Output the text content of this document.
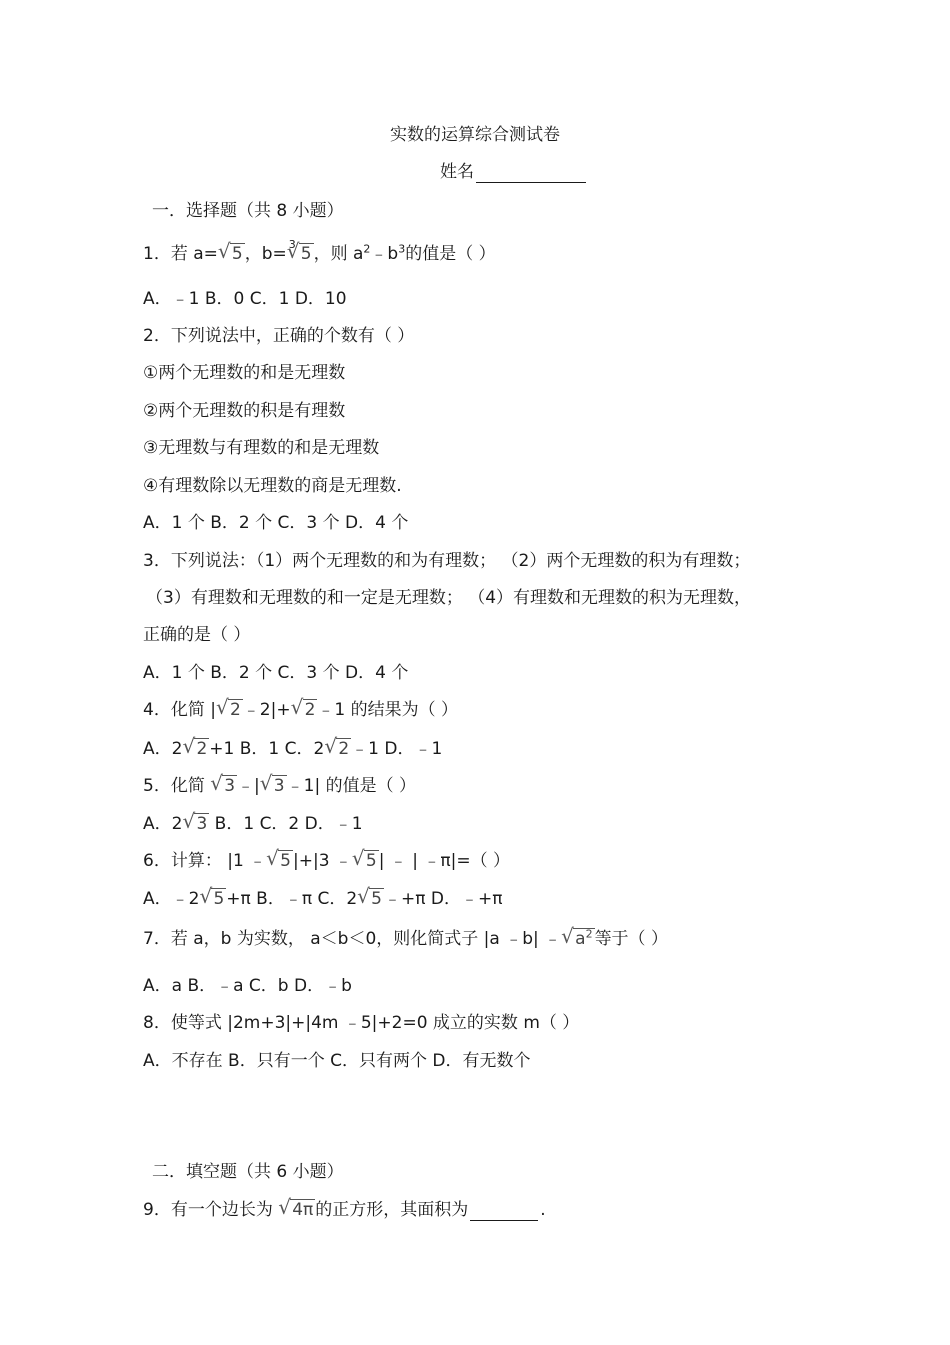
实数的运算综合测试卷
姓名
一．选择题（共 8 小题）
1．若 a= √ 5 ，b= √ 3 5 ，则 $a^2﹣b^3$的值是（ ）
A．﹣1 B．0 C．1 D．10
2．下列说法中，正确的个数有（ ）
①两个无理数的和是无理数
②两个无理数的积是有理数
③无理数与有理数的和是无理数
④有理数除以无理数的商是无理数.
A．1 个 B．2 个 C．3 个 D．4 个
3．下列说法：（1）两个无理数的和为有理数； （2）两个无理数的积为有理数；
（3）有理数和无理数的和一定是无理数； （4）有理数和无理数的积为无理数，
正确的是（ ）
A．1 个 B．2 个 C．3 个 D．4 个
4．化简 | √ 2 ﹣2|+ √ 2 ﹣1 的结果为（ ）
A．2 √ 2 +1 B．1 C．2 √ 2 ﹣1 D．﹣1
5．化简 √ 3 ﹣| √ 3 ﹣1| 的值是（ ）
A．2 √ 3 B．1 C．2 D．﹣1
6．计算： |1 ﹣ √ 5 |+|3 ﹣ √ 5 | ﹣ | ﹣π|=（ ）
A．﹣2 √ 5 +π B．﹣π C．2 √ 5 ﹣+π D．﹣+π
7．若 a，b 为实数， a＜b＜0，则化简式子 |a ﹣b| ﹣ √ $a^2$ 等于（ ）
A．a B．﹣a C．b D．﹣b
8．使等式 |2m+3|+|4m ﹣5|+2=0 成立的实数 m（ ）
A．不存在 B．只有一个 C．只有两个 D．有无数个
二．填空题（共 6 小题）
9．有一个边长为 √ 4π 的正方形，其面积为	.
